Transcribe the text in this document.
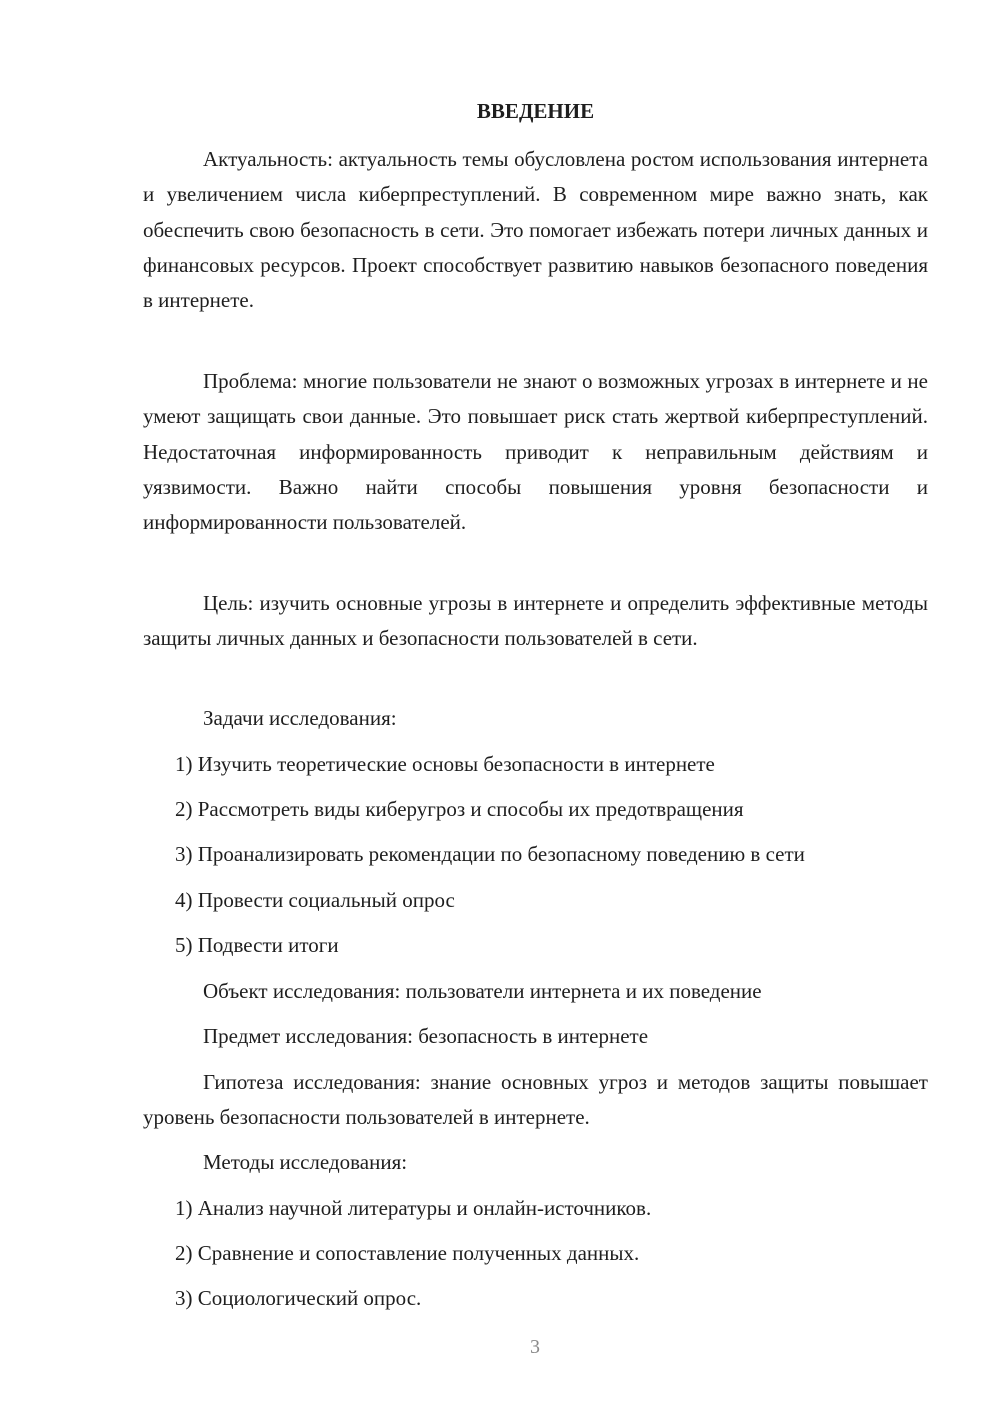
ВВЕДЕНИЕ

Актуальность: актуальность темы обусловлена ростом использования интернета и увеличением числа киберпреступлений. В современном мире важно знать, как обеспечить свою безопасность в сети. Это помогает избежать потери личных данных и финансовых ресурсов. Проект способствует развитию навыков безопасного поведения в интернете.

Проблема: многие пользователи не знают о возможных угрозах в интернете и не умеют защищать свои данные. Это повышает риск стать жертвой киберпреступлений. Недостаточная информированность приводит к неправильным действиям и уязвимости. Важно найти способы повышения уровня безопасности и информированности пользователей.

Цель: изучить основные угрозы в интернете и определить эффективные методы защиты личных данных и безопасности пользователей в сети.

Задачи исследования:
1) Изучить теоретические основы безопасности в интернете
2) Рассмотреть виды киберугроз и способы их предотвращения
3) Проанализировать рекомендации по безопасному поведению в сети
4) Провести социальный опрос
5) Подвести итоги
Объект исследования: пользователи интернета и их поведение
Предмет исследования: безопасность в интернете

Гипотеза исследования: знание основных угроз и методов защиты повышает уровень безопасности пользователей в интернете.

Методы исследования:
1) Анализ научной литературы и онлайн-источников.
2) Сравнение и сопоставление полученных данных.
3) Социологический опрос.
3
